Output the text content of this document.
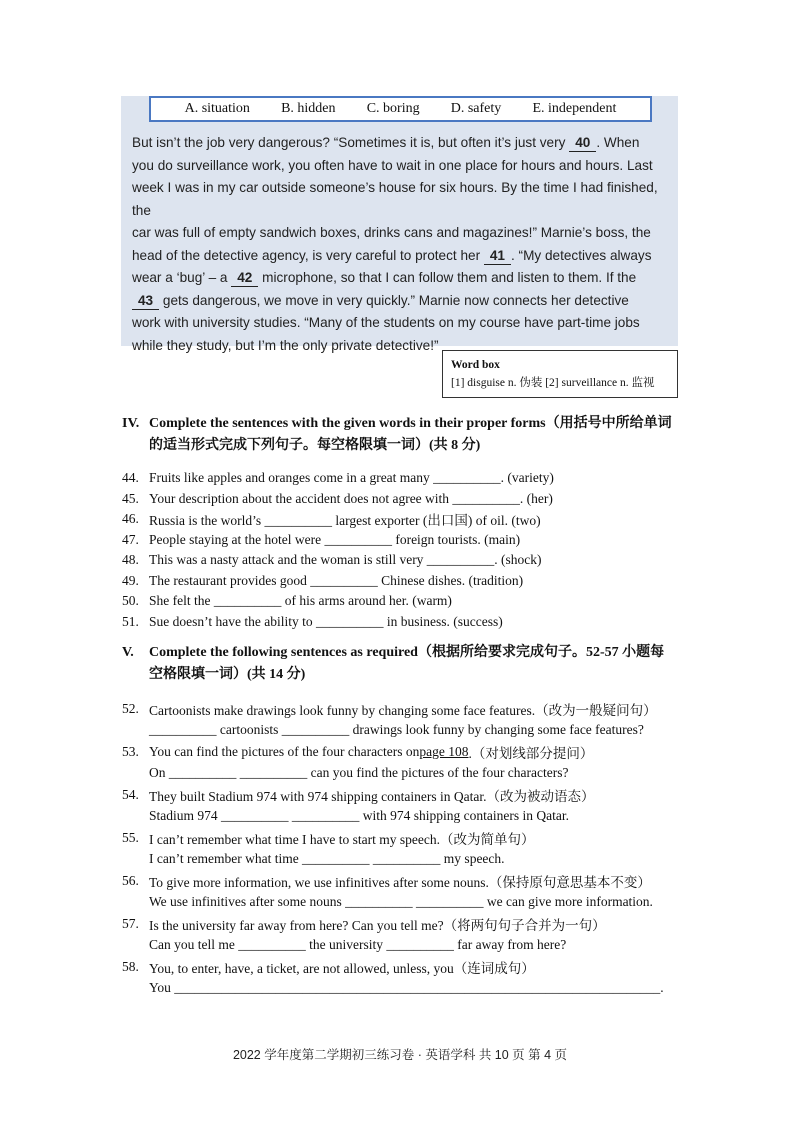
A. situation B. hidden C. boring D. safety E. independent
But isn’t the job very dangerous? “Sometimes it is, but often it’s just very 40 . When
you do surveillance work, you often have to wait in one place for hours and hours. Last
week I was in my car outside someone’s house for six hours. By the time I had finished, the
car was full of empty sandwich boxes, drinks cans and magazines!” Marnie’s boss, the
head of the detective agency, is very careful to protect her 41 . “My detectives always
wear a ‘bug’ – a 42 microphone, so that I can follow them and listen to them. If the
43 gets dangerous, we move in very quickly.” Marnie now connects her detective
work with university studies. “Many of the students on my course have part-time jobs
while they study, but I’m the only private detective!”
Word box
[1] disguise n. 伪装 [2] surveillance n. 监视
IV. Complete the sentences with the given words in their proper forms（用括号中所给单词
的适当形式完成下列句子。每空格限填一词）(共 8 分)
44. Fruits like apples and oranges come in a great many __________. (variety)
45. Your description about the accident does not agree with __________. (her)
46. Russia is the world’s __________ largest exporter (出口国) of oil. (two)
47. People staying at the hotel were __________ foreign tourists. (main)
48. This was a nasty attack and the woman is still very __________. (shock)
49. The restaurant provides good __________ Chinese dishes. (tradition)
50. She felt the __________ of his arms around her. (warm)
51. Sue doesn’t have the ability to __________ in business. (success)
V. Complete the following sentences as required（根据所给要求完成句子。52-57 小题每
空格限填一词）(共 14 分)
52. Cartoonists make drawings look funny by changing some face features.（改为一般疑问句）
__________ cartoonists __________ drawings look funny by changing some face features?
53. You can find the pictures of the four characters on page 108 .（对划线部分提问）
On __________ __________ can you find the pictures of the four characters?
54. They built Stadium 974 with 974 shipping containers in Qatar.（改为被动语态）
Stadium 974 __________ __________ with 974 shipping containers in Qatar.
55. I can’t remember what time I have to start my speech.（改为简单句）
I can’t remember what time __________ __________ my speech.
56. To give more information, we use infinitives after some nouns.（保持原句意思基本不变）
We use infinitives after some nouns __________ __________ we can give more information.
57. Is the university far away from here? Can you tell me?（将两句句子合并为一句）
Can you tell me __________ the university __________ far away from here?
58. You, to enter, have, a ticket, are not allowed, unless, you（连词成句）
You ________________________________________________________________________.
2022 学年度第二学期初三练习卷 · 英语学科 共 10 页 第 4 页
